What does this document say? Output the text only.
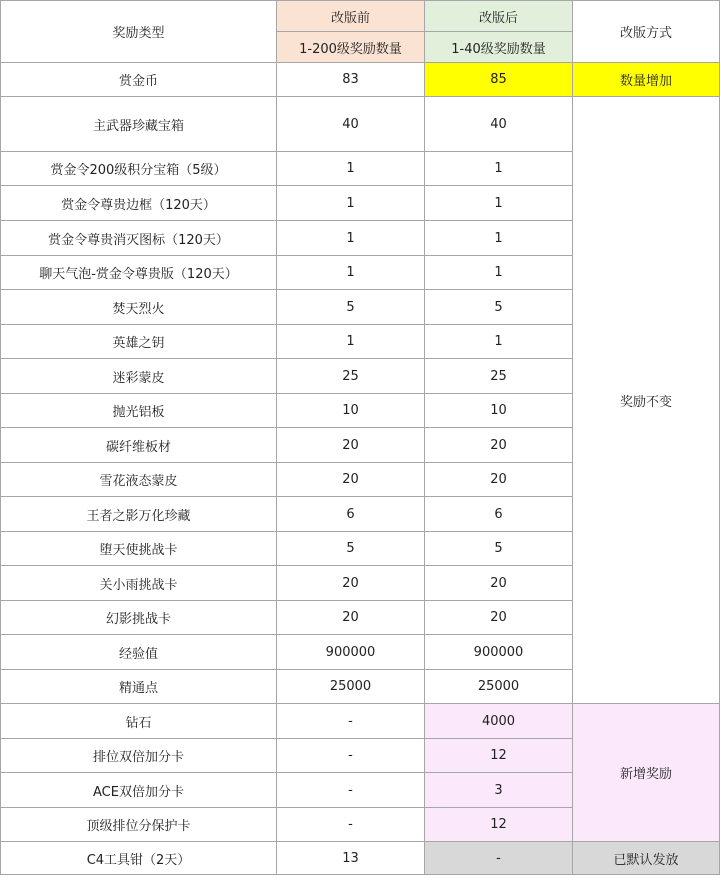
奖励类型	改版前	改版后	改版方式
	1-200级奖励数量	1-40级奖励数量	
赏金币	83	85	数量增加
主武器珍藏宝箱	40	40	奖励不变
赏金令200级积分宝箱（5级）	1	1	
赏金令尊贵边框（120天）	1	1	
赏金令尊贵消灭图标（120天）	1	1	
聊天气泡-赏金令尊贵版（120天）	1	1	
焚天烈火	5	5	
英雄之钥	1	1	
迷彩蒙皮	25	25	
抛光铝板	10	10	
碳纤维板材	20	20	
雪花液态蒙皮	20	20	
王者之影万化珍藏	6	6	
堕天使挑战卡	5	5	
关小雨挑战卡	20	20	
幻影挑战卡	20	20	
经验值	900000	900000	
精通点	25000	25000	
钻石	-	4000	新增奖励
排位双倍加分卡	-	12	
ACE双倍加分卡	-	3	
顶级排位分保护卡	-	12	
C4工具钳（2天）	13	-	已默认发放
